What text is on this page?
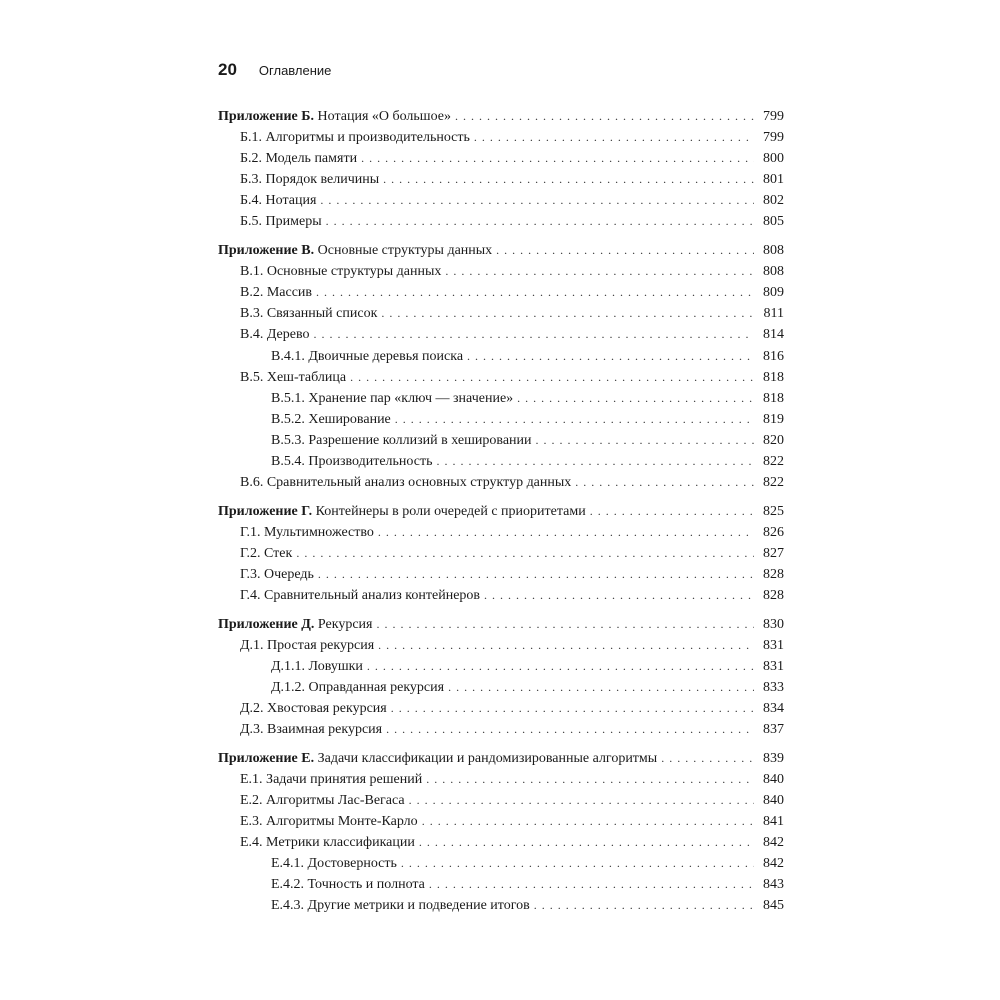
20 Оглавление
Приложение Б. Нотация «О большое» . . .	799
Б.1. Алгоритмы и производительность . . .	799
Б.2. Модель памяти . . .	800
Б.3. Порядок величины . . .	801
Б.4. Нотация . . .	802
Б.5. Примеры . . .	805
Приложение В. Основные структуры данных . . .	808
В.1. Основные структуры данных . . .	808
В.2. Массив . . .	809
В.3. Связанный список . . .	811
В.4. Дерево . . .	814
В.4.1. Двоичные деревья поиска . . .	816
В.5. Хеш-таблица . . .	818
В.5.1. Хранение пар «ключ — значение» . . .	818
В.5.2. Хеширование . . .	819
В.5.3. Разрешение коллизий в хешировании . . .	820
В.5.4. Производительность . . .	822
В.6. Сравнительный анализ основных структур данных . . .	822
Приложение Г. Контейнеры в роли очередей с приоритетами . . .	825
Г.1. Мультимножество . . .	826
Г.2. Стек . . .	827
Г.3. Очередь . . .	828
Г.4. Сравнительный анализ контейнеров . . .	828
Приложение Д. Рекурсия . . .	830
Д.1. Простая рекурсия . . .	831
Д.1.1. Ловушки . . .	831
Д.1.2. Оправданная рекурсия . . .	833
Д.2. Хвостовая рекурсия . . .	834
Д.3. Взаимная рекурсия . . .	837
Приложение Е. Задачи классификации и рандомизированные алгоритмы . . .	839
Е.1. Задачи принятия решений . . .	840
Е.2. Алгоритмы Лас-Вегаса . . .	840
Е.3. Алгоритмы Монте-Карло . . .	841
Е.4. Метрики классификации . . .	842
Е.4.1. Достоверность . . .	842
Е.4.2. Точность и полнота . . .	843
Е.4.3. Другие метрики и подведение итогов . . .	845
